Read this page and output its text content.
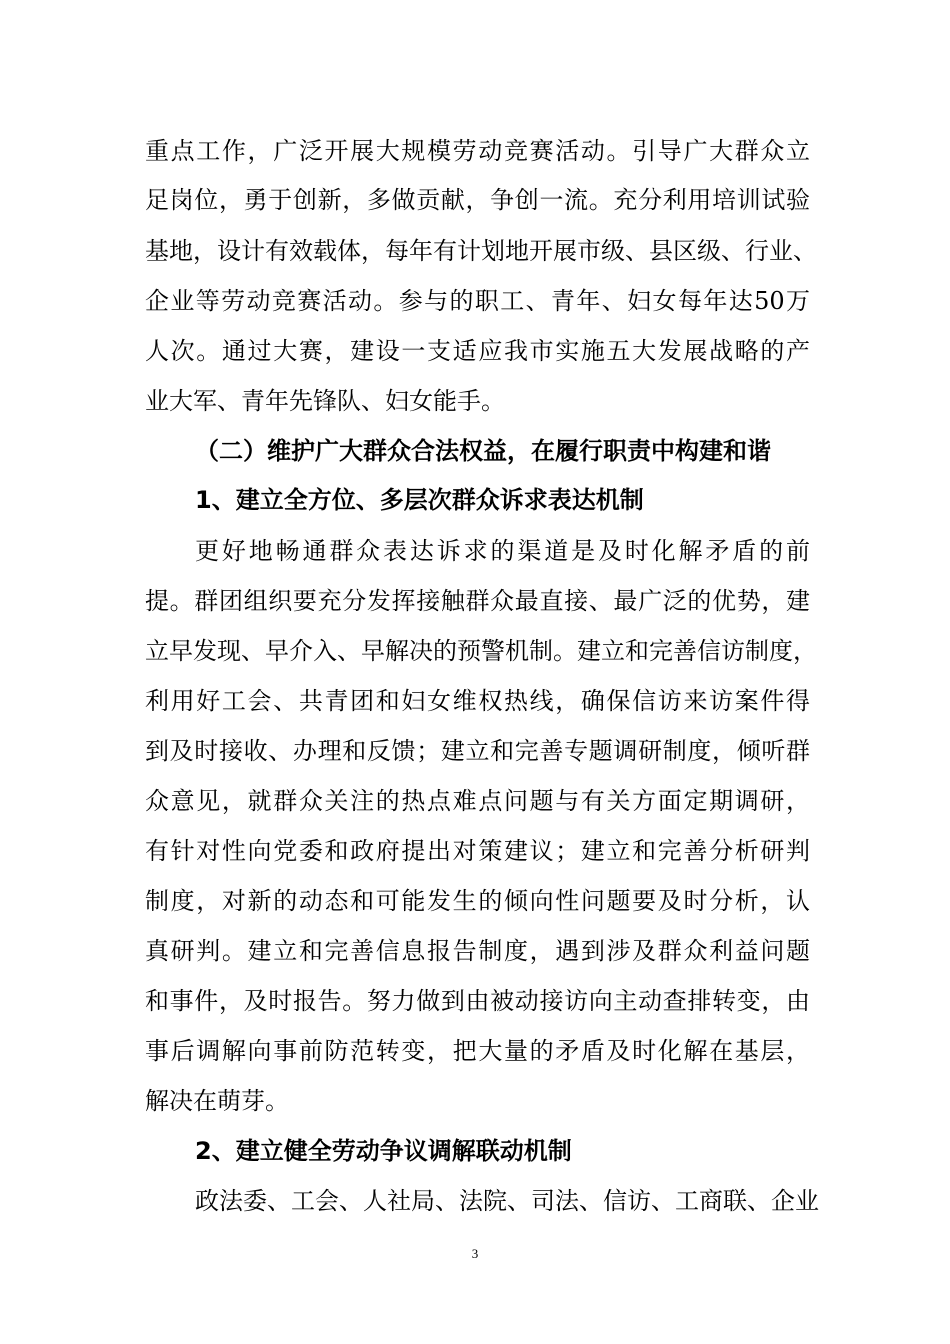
重点工作，广泛开展大规模劳动竞赛活动。引导广大群众立
足岗位，勇于创新，多做贡献，争创一流。充分利用培训试验
基地，设计有效载体，每年有计划地开展市级、县区级、行业、
企业等劳动竞赛活动。参与的职工、青年、妇女每年达50万
人次。通过大赛，建设一支适应我市实施五大发展战略的产
业大军、青年先锋队、妇女能手。
（二）维护广大群众合法权益，在履行职责中构建和谐
1、建立全方位、多层次群众诉求表达机制
更好地畅通群众表达诉求的渠道是及时化解矛盾的前
提。群团组织要充分发挥接触群众最直接、最广泛的优势，建
立早发现、早介入、早解决的预警机制。建立和完善信访制度，
利用好工会、共青团和妇女维权热线，确保信访来访案件得
到及时接收、办理和反馈；建立和完善专题调研制度，倾听群
众意见，就群众关注的热点难点问题与有关方面定期调研，
有针对性向党委和政府提出对策建议；建立和完善分析研判
制度，对新的动态和可能发生的倾向性问题要及时分析，认
真研判。建立和完善信息报告制度，遇到涉及群众利益问题
和事件，及时报告。努力做到由被动接访向主动查排转变，由
事后调解向事前防范转变，把大量的矛盾及时化解在基层，
解决在萌芽。
2、建立健全劳动争议调解联动机制
政法委、工会、人社局、法院、司法、信访、工商联、企业
3
